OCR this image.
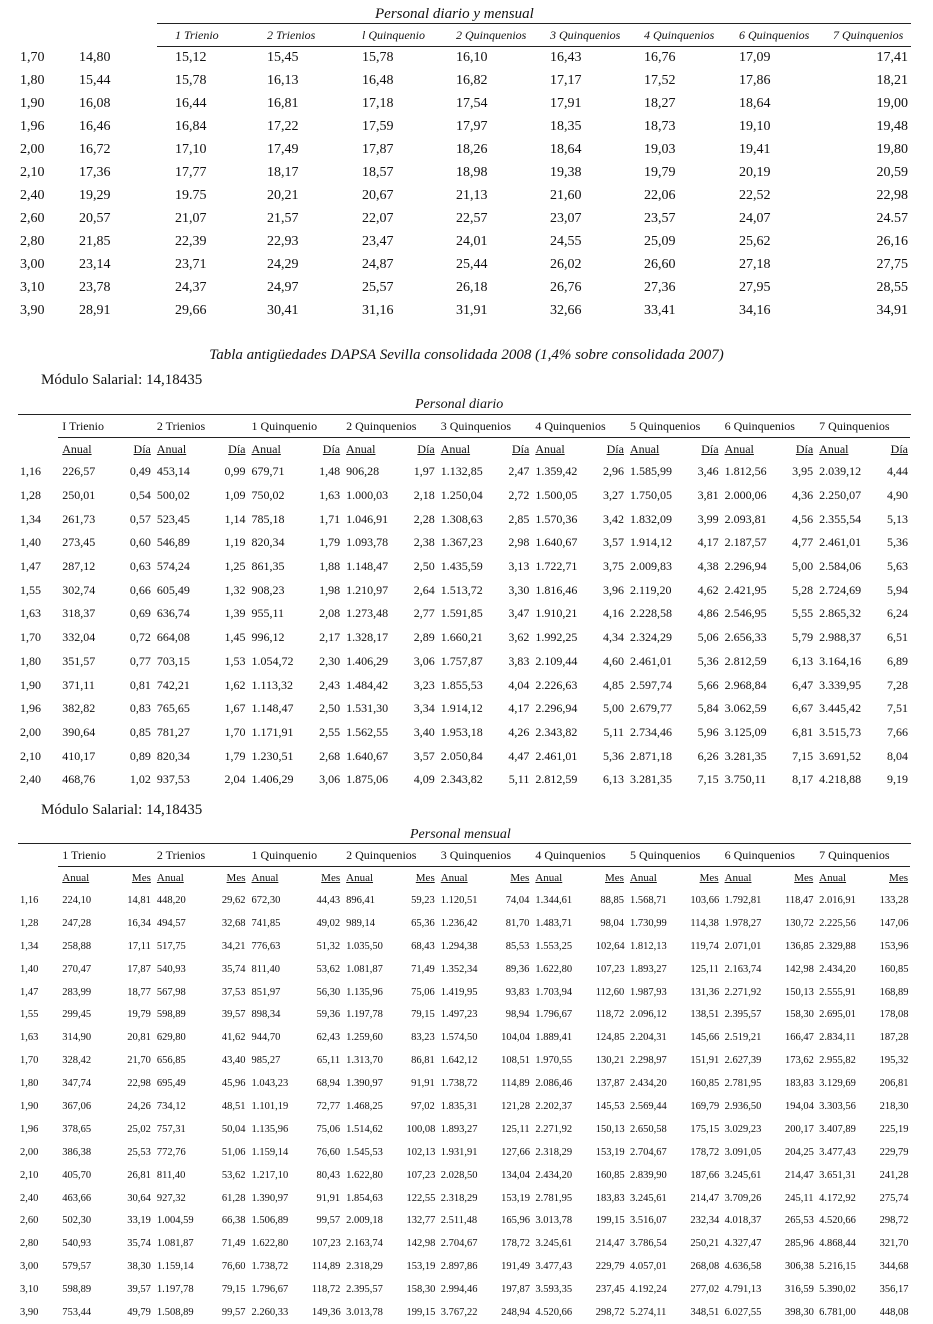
Personal diario y mensual
		1 Trienio	2 Trienios	l Quinquenio	2 Quinquenios	3 Quinquenios	4 Quinquenios	6 Quinquenios	7 Quinquenios
1,70	14,80	15,12	15,45	15,78	16,10	16,43	16,76	17,09	17,41
1,80	15,44	15,78	16,13	16,48	16,82	17,17	17,52	17,86	18,21
1,90	16,08	16,44	16,81	17,18	17,54	17,91	18,27	18,64	19,00
1,96	16,46	16,84	17,22	17,59	17,97	18,35	18,73	19,10	19,48
2,00	16,72	17,10	17,49	17,87	18,26	18,64	19,03	19,41	19,80
2,10	17,36	17,77	18,17	18,57	18,98	19,38	19,79	20,19	20,59
2,40	19,29	19.75	20,21	20,67	21,13	21,60	22,06	22,52	22,98
2,60	20,57	21,07	21,57	22,07	22,57	23,07	23,57	24,07	24.57
2,80	21,85	22,39	22,93	23,47	24,01	24,55	25,09	25,62	26,16
3,00	23,14	23,71	24,29	24,87	25,44	26,02	26,60	27,18	27,75
3,10	23,78	24,37	24,97	25,57	26,18	26,76	27,36	27,95	28,55
3,90	28,91	29,66	30,41	31,16	31,91	32,66	33,41	34,16	34,91
Tabla antigüedades DAPSA Sevilla consolidada 2008 (1,4% sobre consolidada 2007)
Módulo Salarial: 14,18435
Personal diario
	I Trienio		2 Trienios		1 Quinquenio		2 Quinquenios		3 Quinquenios		4 Quinquenios		5 Quinquenios		6 Quinquenios		7 Quinquenios	
	Anual	Día	Anual	Día	Anual	Día	Anual	Día	Anual	Día	Anual	Día	Anual	Día	Anual	Día	Anual	Día
1,16	226,57	0,49	453,14	0,99	679,71	1,48	906,28	1,97	1.132,85	2,47	1.359,42	2,96	1.585,99	3,46	1.812,56	3,95	2.039,12	4,44
1,28	250,01	0,54	500,02	1,09	750,02	1,63	1.000,03	2,18	1.250,04	2,72	1.500,05	3,27	1.750,05	3,81	2.000,06	4,36	2.250,07	4,90
1,34	261,73	0,57	523,45	1,14	785,18	1,71	1.046,91	2,28	1.308,63	2,85	1.570,36	3,42	1.832,09	3,99	2.093,81	4,56	2.355,54	5,13
1,40	273,45	0,60	546,89	1,19	820,34	1,79	1.093,78	2,38	1.367,23	2,98	1.640,67	3,57	1.914,12	4,17	2.187,57	4,77	2.461,01	5,36
1,47	287,12	0,63	574,24	1,25	861,35	1,88	1.148,47	2,50	1.435,59	3,13	1.722,71	3,75	2.009,83	4,38	2.296,94	5,00	2.584,06	5,63
1,55	302,74	0,66	605,49	1,32	908,23	1,98	1.210,97	2,64	1.513,72	3,30	1.816,46	3,96	2.119,20	4,62	2.421,95	5,28	2.724,69	5,94
1,63	318,37	0,69	636,74	1,39	955,11	2,08	1.273,48	2,77	1.591,85	3,47	1.910,21	4,16	2.228,58	4,86	2.546,95	5,55	2.865,32	6,24
1,70	332,04	0,72	664,08	1,45	996,12	2,17	1.328,17	2,89	1.660,21	3,62	1.992,25	4,34	2.324,29	5,06	2.656,33	5,79	2.988,37	6,51
1,80	351,57	0,77	703,15	1,53	1.054,72	2,30	1.406,29	3,06	1.757,87	3,83	2.109,44	4,60	2.461,01	5,36	2.812,59	6,13	3.164,16	6,89
1,90	371,11	0,81	742,21	1,62	1.113,32	2,43	1.484,42	3,23	1.855,53	4,04	2.226,63	4,85	2.597,74	5,66	2.968,84	6,47	3.339,95	7,28
1,96	382,82	0,83	765,65	1,67	1.148,47	2,50	1.531,30	3,34	1.914,12	4,17	2.296,94	5,00	2.679,77	5,84	3.062,59	6,67	3.445,42	7,51
2,00	390,64	0,85	781,27	1,70	1.171,91	2,55	1.562,55	3,40	1.953,18	4,26	2.343,82	5,11	2.734,46	5,96	3.125,09	6,81	3.515,73	7,66
2,10	410,17	0,89	820,34	1,79	1.230,51	2,68	1.640,67	3,57	2.050,84	4,47	2.461,01	5,36	2.871,18	6,26	3.281,35	7,15	3.691,52	8,04
2,40	468,76	1,02	937,53	2,04	1.406,29	3,06	1.875,06	4,09	2.343,82	5,11	2.812,59	6,13	3.281,35	7,15	3.750,11	8,17	4.218,88	9,19
Módulo Salarial: 14,18435
Personal mensual
	1 Trienio		2 Trienios		1 Quinquenio		2 Quinquenios		3 Quinquenios		4 Quinquenios		5 Quinquenios		6 Quinquenios		7 Quinquenios	
	Anual	Mes	Anual	Mes	Anual	Mes	Anual	Mes	Anual	Mes	Anual	Mes	Anual	Mes	Anual	Mes	Anual	Mes
1,16	224,10	14,81	448,20	29,62	672,30	44,43	896,41	59,23	1.120,51	74,04	1.344,61	88,85	1.568,71	103,66	1.792,81	118,47	2.016,91	133,28
1,28	247,28	16,34	494,57	32,68	741,85	49,02	989,14	65,36	1.236,42	81,70	1.483,71	98,04	1.730,99	114,38	1.978,27	130,72	2.225,56	147,06
1,34	258,88	17,11	517,75	34,21	776,63	51,32	1.035,50	68,43	1.294,38	85,53	1.553,25	102,64	1.812,13	119,74	2.071,01	136,85	2.329,88	153,96
1,40	270,47	17,87	540,93	35,74	811,40	53,62	1.081,87	71,49	1.352,34	89,36	1.622,80	107,23	1.893,27	125,11	2.163,74	142,98	2.434,20	160,85
1,47	283,99	18,77	567,98	37,53	851,97	56,30	1.135,96	75,06	1.419,95	93,83	1.703,94	112,60	1.987,93	131,36	2.271,92	150,13	2.555,91	168,89
1,55	299,45	19,79	598,89	39,57	898,34	59,36	1.197,78	79,15	1.497,23	98,94	1.796,67	118,72	2.096,12	138,51	2.395,57	158,30	2.695,01	178,08
1,63	314,90	20,81	629,80	41,62	944,70	62,43	1.259,60	83,23	1.574,50	104,04	1.889,41	124,85	2.204,31	145,66	2.519,21	166,47	2.834,11	187,28
1,70	328,42	21,70	656,85	43,40	985,27	65,11	1.313,70	86,81	1.642,12	108,51	1.970,55	130,21	2.298,97	151,91	2.627,39	173,62	2.955,82	195,32
1,80	347,74	22,98	695,49	45,96	1.043,23	68,94	1.390,97	91,91	1.738,72	114,89	2.086,46	137,87	2.434,20	160,85	2.781,95	183,83	3.129,69	206,81
1,90	367,06	24,26	734,12	48,51	1.101,19	72,77	1.468,25	97,02	1.835,31	121,28	2.202,37	145,53	2.569,44	169,79	2.936,50	194,04	3.303,56	218,30
1,96	378,65	25,02	757,31	50,04	1.135,96	75,06	1.514,62	100,08	1.893,27	125,11	2.271,92	150,13	2.650,58	175,15	3.029,23	200,17	3.407,89	225,19
2,00	386,38	25,53	772,76	51,06	1.159,14	76,60	1.545,53	102,13	1.931,91	127,66	2.318,29	153,19	2.704,67	178,72	3.091,05	204,25	3.477,43	229,79
2,10	405,70	26,81	811,40	53,62	1.217,10	80,43	1.622,80	107,23	2.028,50	134,04	2.434,20	160,85	2.839,90	187,66	3.245,61	214,47	3.651,31	241,28
2,40	463,66	30,64	927,32	61,28	1.390,97	91,91	1.854,63	122,55	2.318,29	153,19	2.781,95	183,83	3.245,61	214,47	3.709,26	245,11	4.172,92	275,74
2,60	502,30	33,19	1.004,59	66,38	1.506,89	99,57	2.009,18	132,77	2.511,48	165,96	3.013,78	199,15	3.516,07	232,34	4.018,37	265,53	4.520,66	298,72
2,80	540,93	35,74	1.081,87	71,49	1.622,80	107,23	2.163,74	142,98	2.704,67	178,72	3.245,61	214,47	3.786,54	250,21	4.327,47	285,96	4.868,44	321,70
3,00	579,57	38,30	1.159,14	76,60	1.738,72	114,89	2.318,29	153,19	2.897,86	191,49	3.477,43	229,79	4.057,01	268,08	4.636,58	306,38	5.216,15	344,68
3,10	598,89	39,57	1.197,78	79,15	1.796,67	118,72	2.395,57	158,30	2.994,46	197,87	3.593,35	237,45	4.192,24	277,02	4.791,13	316,59	5.390,02	356,17
3,90	753,44	49,79	1.508,89	99,57	2.260,33	149,36	3.013,78	199,15	3.767,22	248,94	4.520,66	298,72	5.274,11	348,51	6.027,55	398,30	6.781,00	448,08
